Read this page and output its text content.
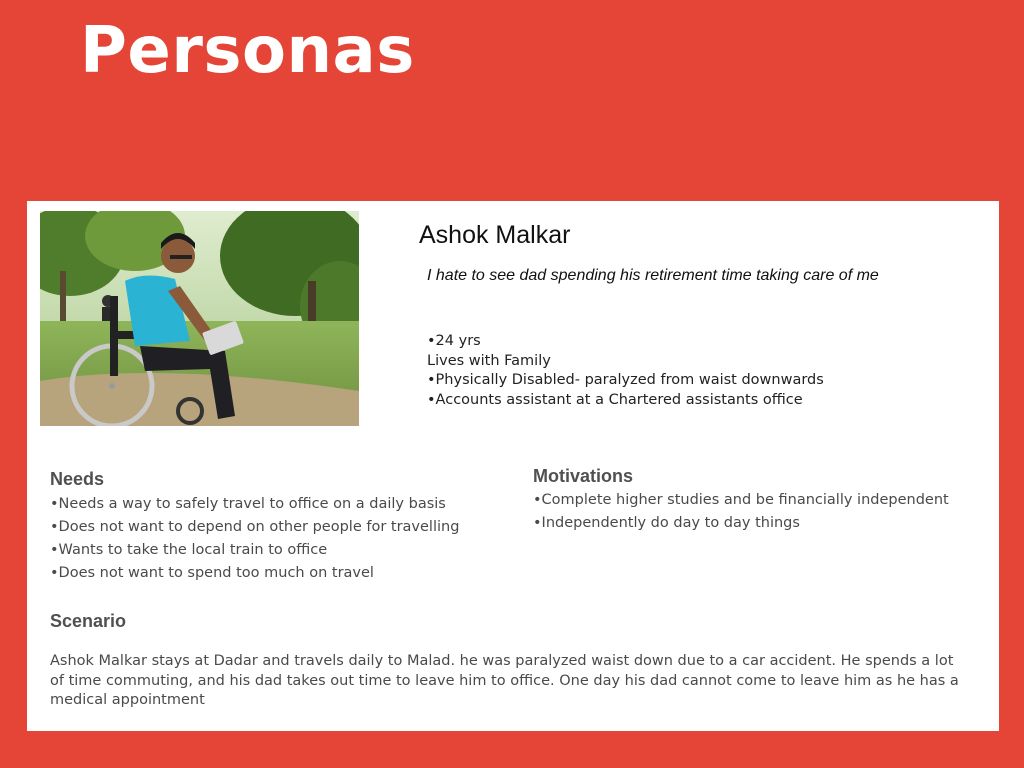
Personas
Ashok Malkar

I hate to see dad spending his retirement time taking care of me

•24 yrs
Lives with Family
•Physically Disabled- paralyzed from waist downwards
•Accounts assistant at a Chartered assistants office
Needs
•Needs a way to safely travel to office on a daily basis
•Does not want to depend on other people for travelling
•Wants to take the local train to office
•Does not want to spend too much on travel
Motivations
•Complete higher studies and be financially independent
•Independently do day to day things
Scenario

Ashok Malkar stays at Dadar and travels daily to Malad. he was paralyzed waist down due to a car accident. He spends a lot of time commuting, and his dad takes out time to leave him to office. One day his dad cannot come to leave him as he has a medical appointment
